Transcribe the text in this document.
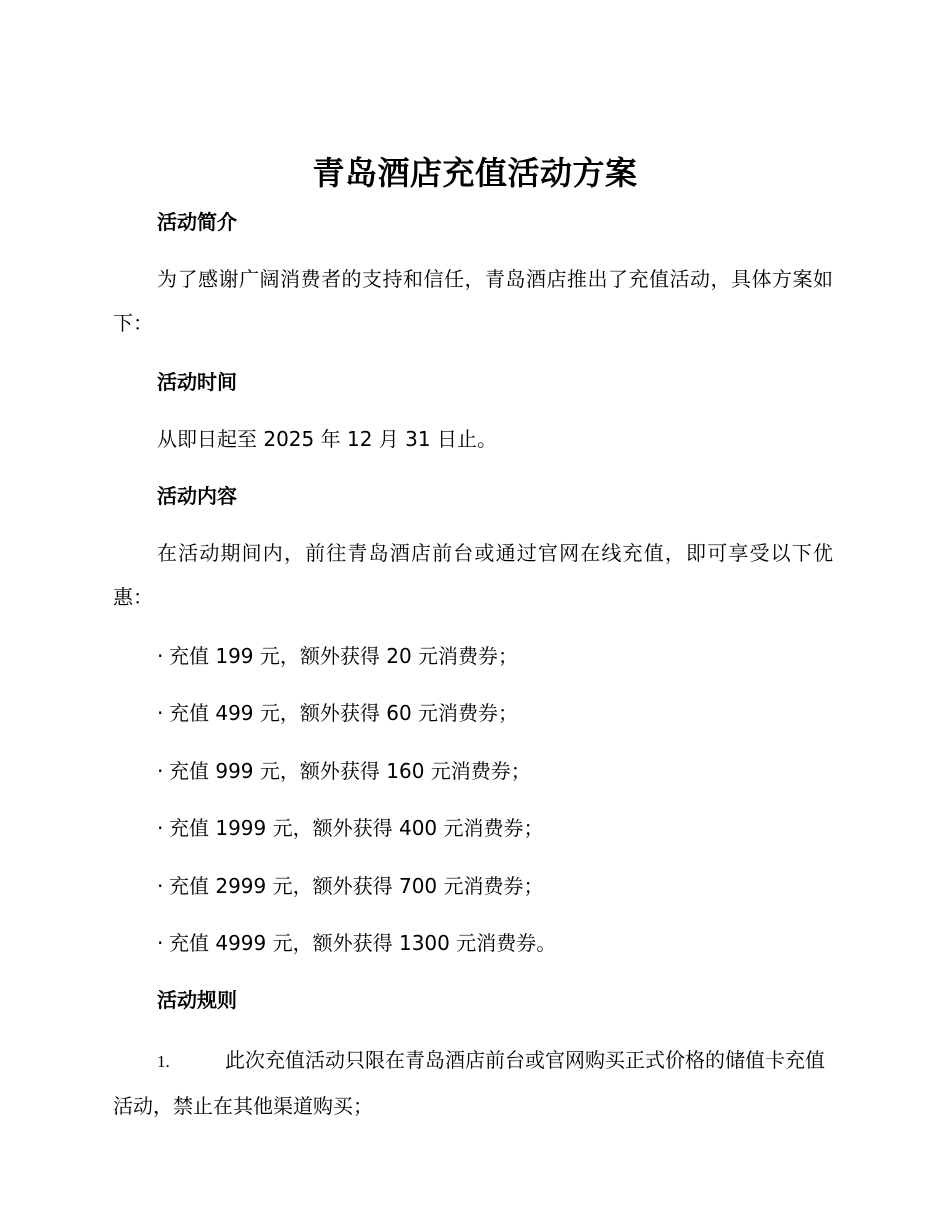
青岛酒店充值活动方案
活动简介
为了感谢广阔消费者的支持和信任，青岛酒店推出了充值活动，具体方案如下：
活动时间
从即日起至 2025 年 12 月 31 日止。
活动内容
在活动期间内，前往青岛酒店前台或通过官网在线充值，即可享受以下优惠：
· 充值 199 元，额外获得 20 元消费券；
· 充值 499 元，额外获得 60 元消费券；
· 充值 999 元，额外获得 160 元消费券；
· 充值 1999 元，额外获得 400 元消费券；
· 充值 2999 元，额外获得 700 元消费券；
· 充值 4999 元，额外获得 1300 元消费券。
活动规则
1.	此次充值活动只限在青岛酒店前台或官网购买正式价格的储值卡充值活动，禁止在其他渠道购买；
